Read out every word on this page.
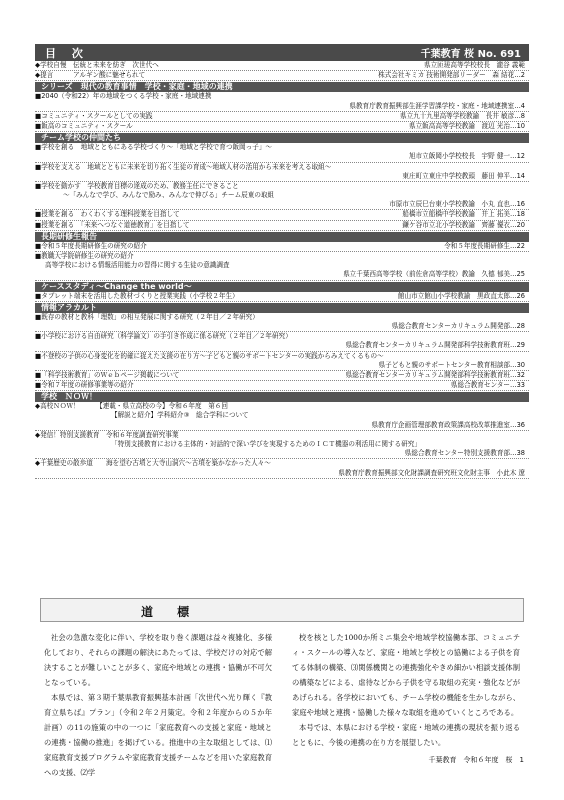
目 次	千葉教育 桜 No. 691
◆学校自慢　伝統と未来を紡ぎ　次世代へ	県立匝瑳高等学校校長　瀧谷 義範
◆提言　　　アルギン酸に魅せられて	株式会社キミカ 技術開発部リーダー　森 結花…2
シリーズ　現代の教育事情　学校・家庭・地域の連携
■2040（令和22）年の地域をつくる学校・家庭・地域連携
県教育庁教育振興部生涯学習課学校・家庭・地域連携室…4
■コミュニティ・スクールとしての実践	県立九十九里高等学校教諭　長井 敏彦…8
■飯高のコミュニティ・スクール	県立飯高高等学校教諭　渡辺 光治…10
チーム学校の仲間たち
■学校を創る　地域とともにある学校づくり～「地域と学校で育つ飯岡っ子」～
旭市立飯岡小学校校長　宇野 健一…12
■学校を支える　地域とともに未来を切り拓く生徒の育成～地域人材の活用から未来を考える取組～
東庄町立東庄中学校教頭　藤田 伸平…14
■学校を動かす　学校教育目標の達成のため、教務主任にできること
～「みんなで学び、みんなで励み、みんなで伸びる」チーム辰東の取組
市原市立辰巳台東小学校教諭　小丸 直也…16
■授業を創る　わくわくする理科授業を目指して	船橋市立船橋中学校教諭　井上 拓美…18
■授業を創る　「未来へつなぐ道徳教育」を目指して	鎌ケ谷市立北小学校教諭　齊藤 優衣…20
長期研修生報告
■令和５年度長期研修生の研究の紹介	令和５年度長期研修生…22
■教職大学院研修生の研究の紹介
高等学校における情報活用能力の習得に関する生徒の意識調査
県立千葉西高等学校（前佐倉高等学校）教諭　久德 郁美…25
ケーススタディ～Change the world～
■タブレット端末を活用した教材づくりと授業実践（小学校２年生）	館山市立館山小学校教諭　黒政直太郎…26
情報アラカルト
■既存の教材と教科「理数」の相互発展に関する研究（２年目／２年研究）
県総合教育センターカリキュラム開発部…28
■小学校における自由研究（科学論文）の手引き作成に係る研究（２年目／２年研究）
県総合教育センターカリキュラム開発部科学技術教育班…29
■不登校の子供の心身変化を的確に捉えた支援の在り方～子どもと親のサポートセンターの実践からみえてくるもの～
県子どもと親のサポートセンター教育相談部…30
■「科学技術教育」のＷｅｂページ掲載について	県総合教育センターカリキュラム開発部科学技術教育班…32
■令和７年度の研修事業等の紹介	県総合教育センター…33
学校　ＮＯＷ！
◆高校ＮＯＷ！　　　【連載・県立高校の今】令和６年度　第６回
【解説と紹介】学科紹介③　総合学科について
県教育庁企画管理部教育政策課高校改革推進室…36
◆発信！特別支援教育　令和６年度調査研究事業
「特別支援教育における主体的・対話的で深い学びを実現するためのＩＣＴ機器の利活用に関する研究」
県総合教育センター特別支援教育部…38
◆千葉歴史の散歩道　　海を望む古墳と大寺山洞穴～古墳を築かなかった人々～
県教育庁教育振興部文化財課調査研究班文化財主事　小此木 遼
道 標

社会の急激な変化に伴い、学校を取り巻く課題は益々複雑化、多様化しており、それらの課題の解決にあたっては、学校だけの対応で解決することが難しいことが多く、家庭や地域との連携・協働が不可欠となっている。

本県では、第３期千葉県教育振興基本計画「次世代へ光り輝く『教育立県ちば』プラン」（令和２年２月策定。令和２年度からの５か年計画）の11の施策の中の一つに「家庭教育への支援と家庭・地域との連携・協働の推進」を掲げている。推進中の主な取組としては、⑴家庭教育支援プログラムや家庭教育支援チームなどを用いた家庭教育への支援、⑵学

校を核とした1000か所ミニ集会や地域学校協働本部、コミュニティ・スクールの導入など、家庭・地域と学校との協働による子供を育てる体制の構築、⑶関係機関との連携強化やきめ細かい相談支援体制の構築などによる、虐待などから子供を守る取組の充実・強化などがあげられる。各学校においても、チーム学校の機能を生かしながら、家庭や地域と連携・協働した様々な取組を進めていくところである。

本号では、本県における学校・家庭・地域の連携の現状を振り返るとともに、今後の連携の在り方を展望したい。

千葉教育　令和６年度　桜　1
